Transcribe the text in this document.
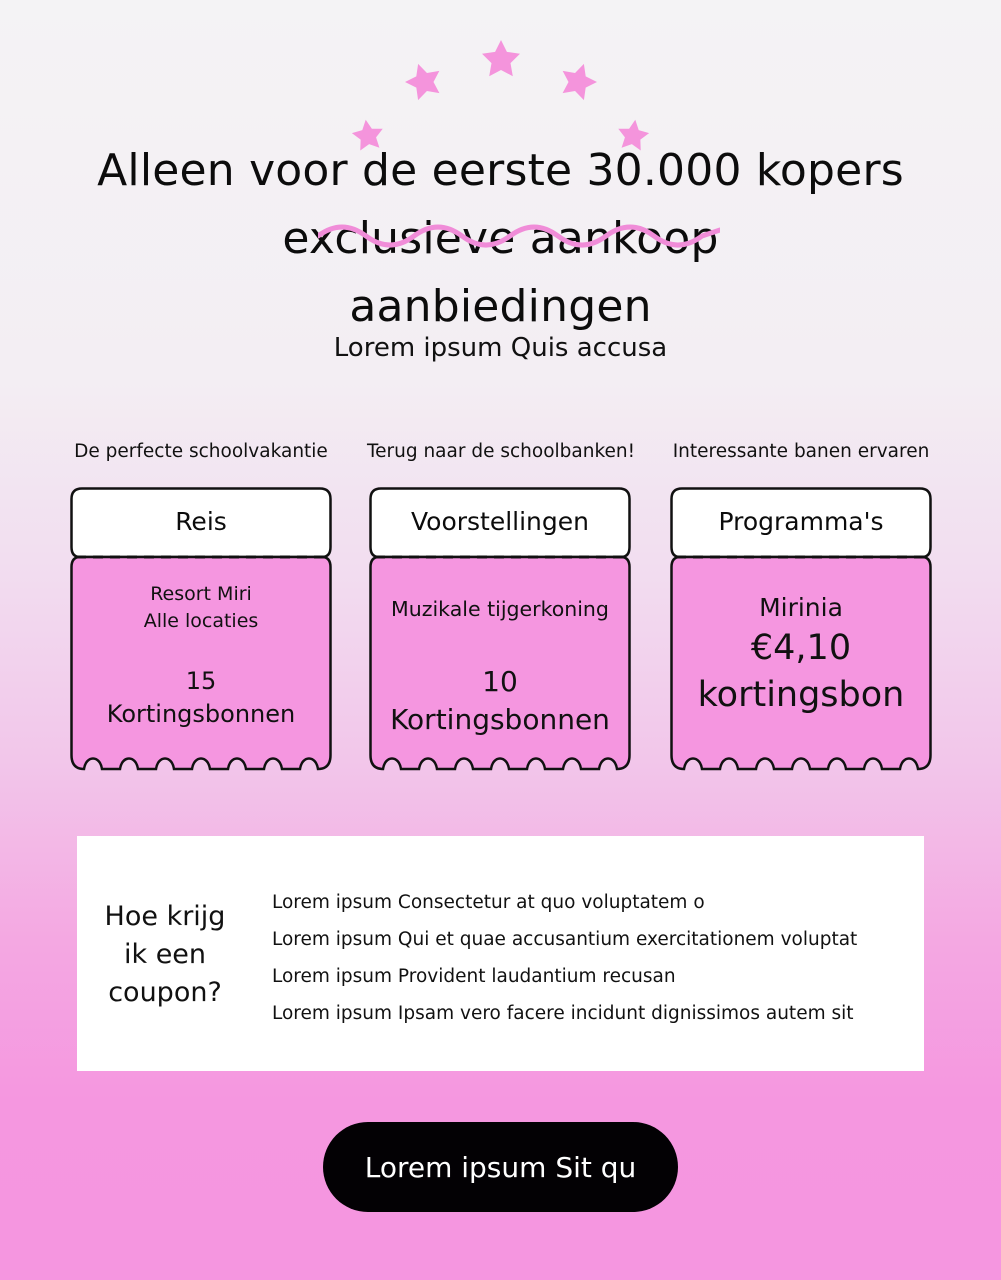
Alleen voor de eerste 30.000 kopers
exclusieve aankoop
aanbiedingen
Lorem ipsum Quis accusa
De perfecte schoolvakantie	Terug naar de schoolbanken!	Interessante banen ervaren
Reis
Resort Miri
Alle locaties
15
Kortingsbonnen
Voorstellingen
Muzikale tijgerkoning
10
Kortingsbonnen
Programma's
Mirinia
€4,10
kortingsbon
Hoe krijg ik een coupon?
Lorem ipsum Consectetur at quo voluptatem o
Lorem ipsum Qui et quae accusantium exercitationem voluptat
Lorem ipsum Provident laudantium recusan
Lorem ipsum Ipsam vero facere incidunt dignissimos autem sit
Lorem ipsum Sit qu
